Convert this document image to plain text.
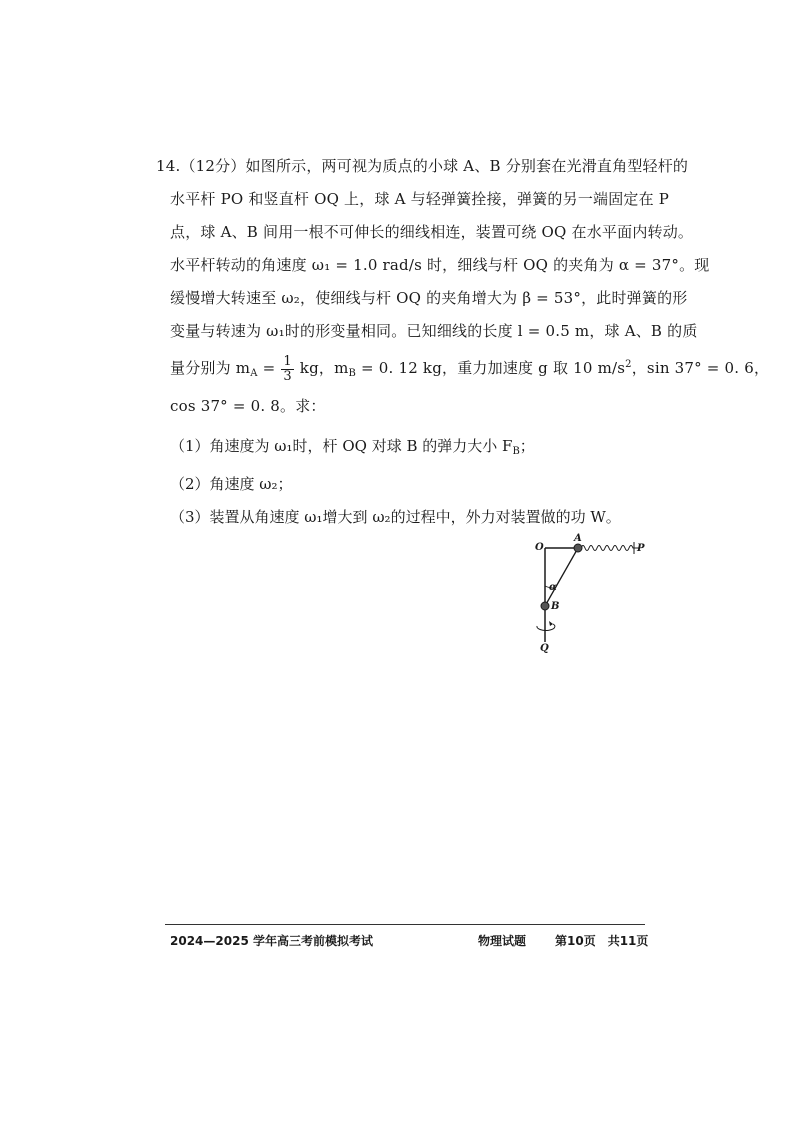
14.（12分）如图所示，两可视为质点的小球 A、B 分别套在光滑直角型轻杆的
水平杆 PO 和竖直杆 OQ 上，球 A 与轻弹簧拴接，弹簧的另一端固定在 P
点，球 A、B 间用一根不可伸长的细线相连，装置可绕 OQ 在水平面内转动。
水平杆转动的角速度 ω₁ = 1.0 rad/s 时，细线与杆 OQ 的夹角为 α = 37°。现
缓慢增大转速至 ω₂，使细线与杆 OQ 的夹角增大为 β = 53°，此时弹簧的形
变量与转速为 ω₁时的形变量相同。已知细线的长度 l = 0.5 m，球 A、B 的质
量分别为 $m_A = \frac{1}{3}$ kg，$m_B = 0$. 12 kg，重力加速度 g 取 10 $m/s^2$，sin 37° = 0. 6，
cos 37° = 0. 8。求：
（1）角速度为 ω₁时，杆 OQ 对球 B 的弹力大小 $F_B$；
（2）角速度 ω₂；
（3）装置从角速度 ω₁增大到 ω₂的过程中，外力对装置做的功 W。
O
A
P
α
B
Q
2024—2025 学年高三考前模拟考试	物理试题 第10页　共11页
